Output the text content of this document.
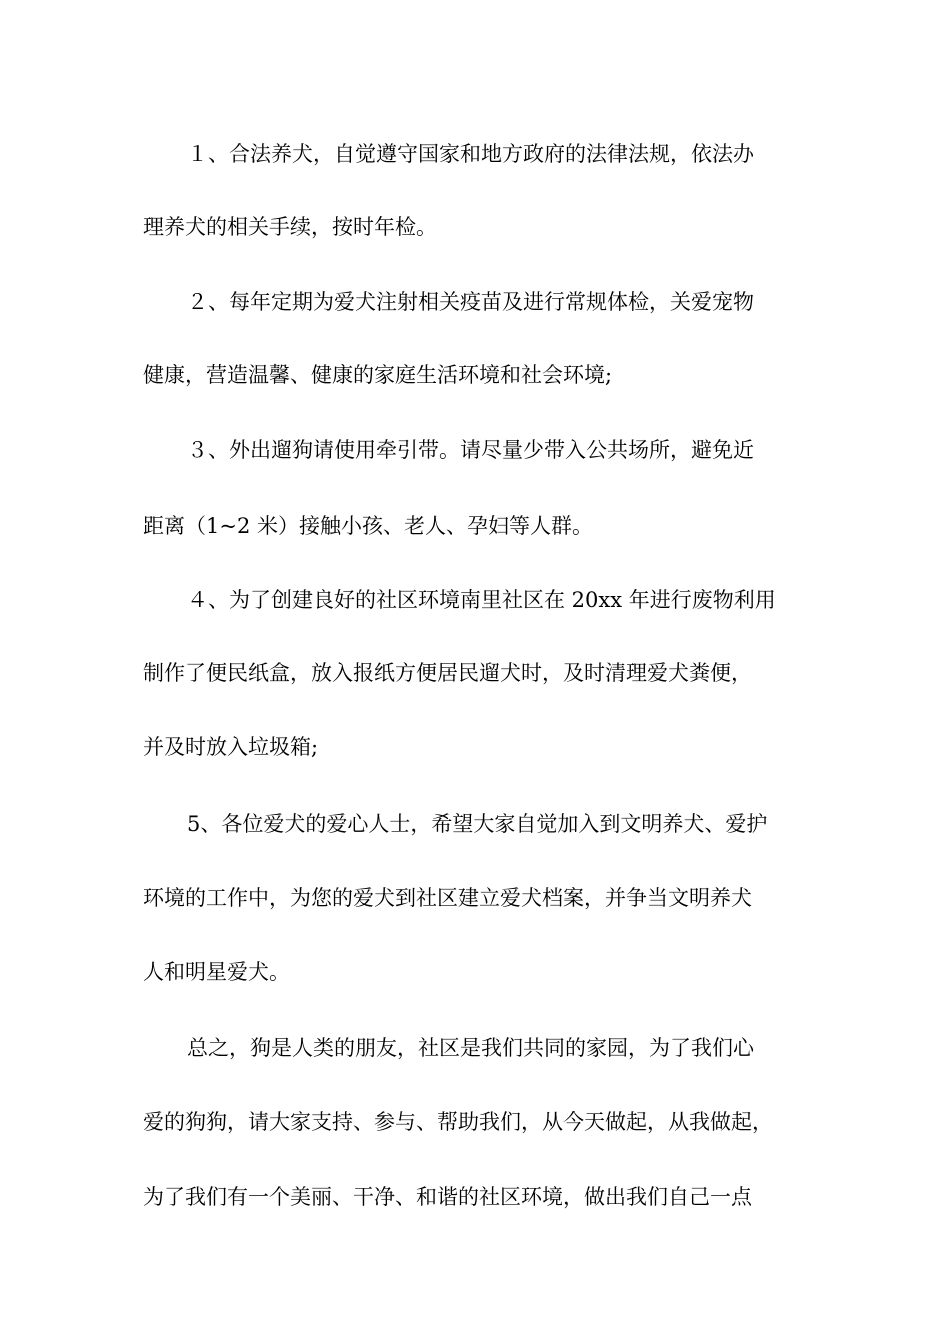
１、合法养犬，自觉遵守国家和地方政府的法律法规，依法办
理养犬的相关手续，按时年检。
２、每年定期为爱犬注射相关疫苗及进行常规体检，关爱宠物
健康，营造温馨、健康的家庭生活环境和社会环境;
３、外出遛狗请使用牵引带。请尽量少带入公共场所，避免近
距离（1~2 米）接触小孩、老人、孕妇等人群。
４、为了创建良好的社区环境南里社区在 20xx 年进行废物利用
制作了便民纸盒，放入报纸方便居民遛犬时，及时清理爱犬粪便，
并及时放入垃圾箱;
5、各位爱犬的爱心人士，希望大家自觉加入到文明养犬、爱护
环境的工作中，为您的爱犬到社区建立爱犬档案，并争当文明养犬
人和明星爱犬。
总之，狗是人类的朋友，社区是我们共同的家园，为了我们心
爱的狗狗，请大家支持、参与、帮助我们，从今天做起，从我做起，
为了我们有一个美丽、干净、和谐的社区环境，做出我们自己一点
